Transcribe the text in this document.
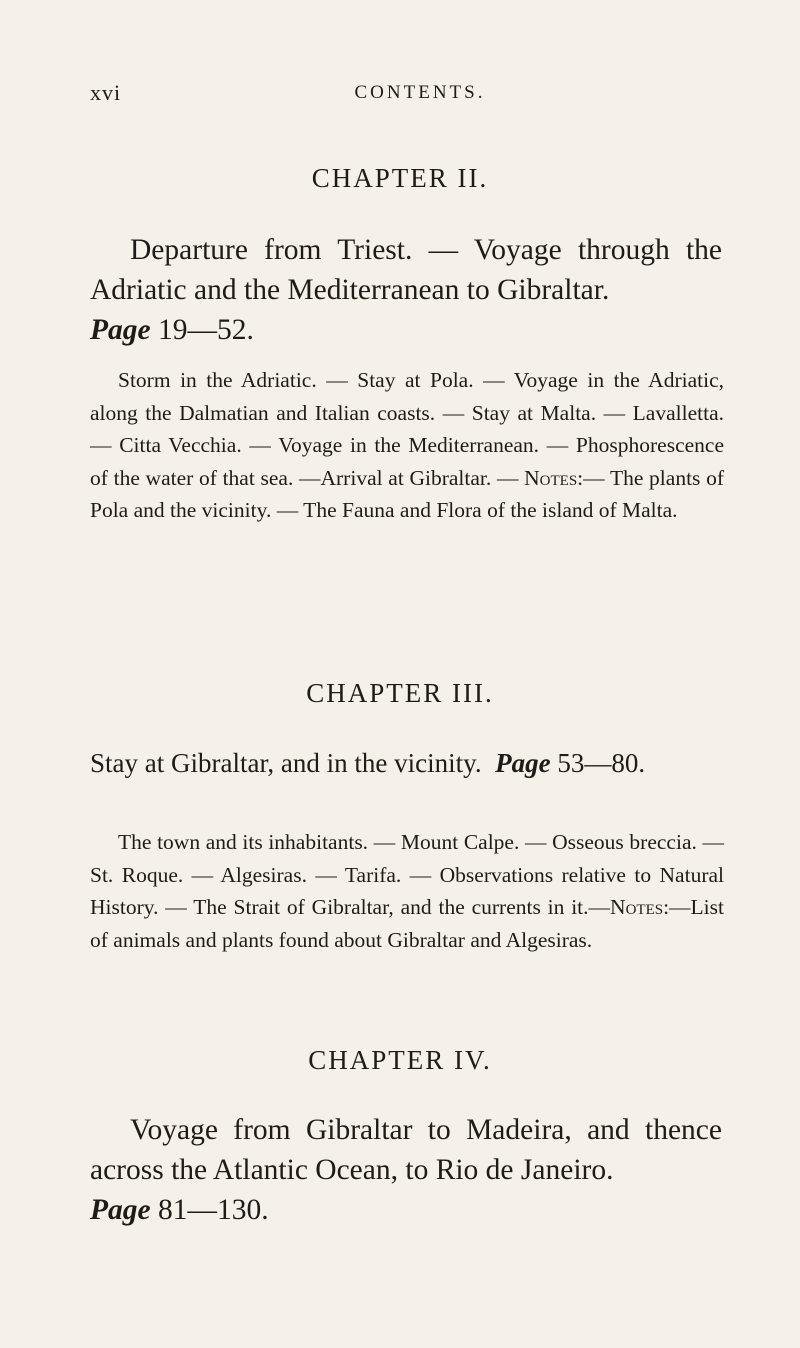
xvi	CONTENTS.
CHAPTER II.
Departure from Triest. — Voyage through the Adriatic and the Mediterranean to Gibraltar.
Page 19—52.
Storm in the Adriatic. — Stay at Pola. — Voyage in the Adriatic, along the Dalmatian and Italian coasts. — Stay at Malta. — Lavalletta. — Citta Vecchia. — Voyage in the Mediterranean. — Phosphorescence of the water of that sea. —Arrival at Gibraltar. — Notes:— The plants of Pola and the vicinity. — The Fauna and Flora of the island of Malta.
CHAPTER III.
Stay at Gibraltar, and in the vicinity. Page 53—80.
The town and its inhabitants. — Mount Calpe. — Osseous breccia. — St. Roque. — Algesiras. — Tarifa. — Observations relative to Natural History. — The Strait of Gibraltar, and the currents in it.—Notes:—List of animals and plants found about Gibraltar and Algesiras.
CHAPTER IV.
Voyage from Gibraltar to Madeira, and thence across the Atlantic Ocean, to Rio de Janeiro.
Page 81—130.
